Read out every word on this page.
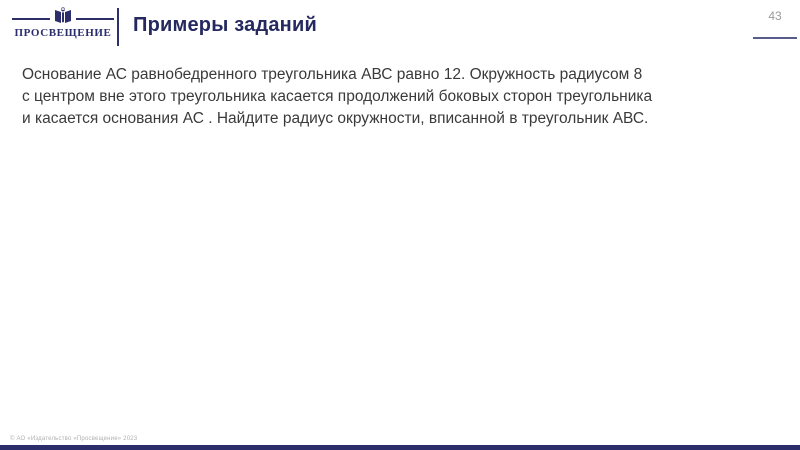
ПРОСВЕЩЕНИЕ Примеры заданий	43

Основание АС равнобедренного треугольника АВС равно 12. Окружность радиусом 8 с центром вне этого треугольника касается продолжений боковых сторон треугольника и касается основания АС . Найдите радиус окружности, вписанной в треугольник АВС.

© АО «Издательство «Просвещение» 2023
